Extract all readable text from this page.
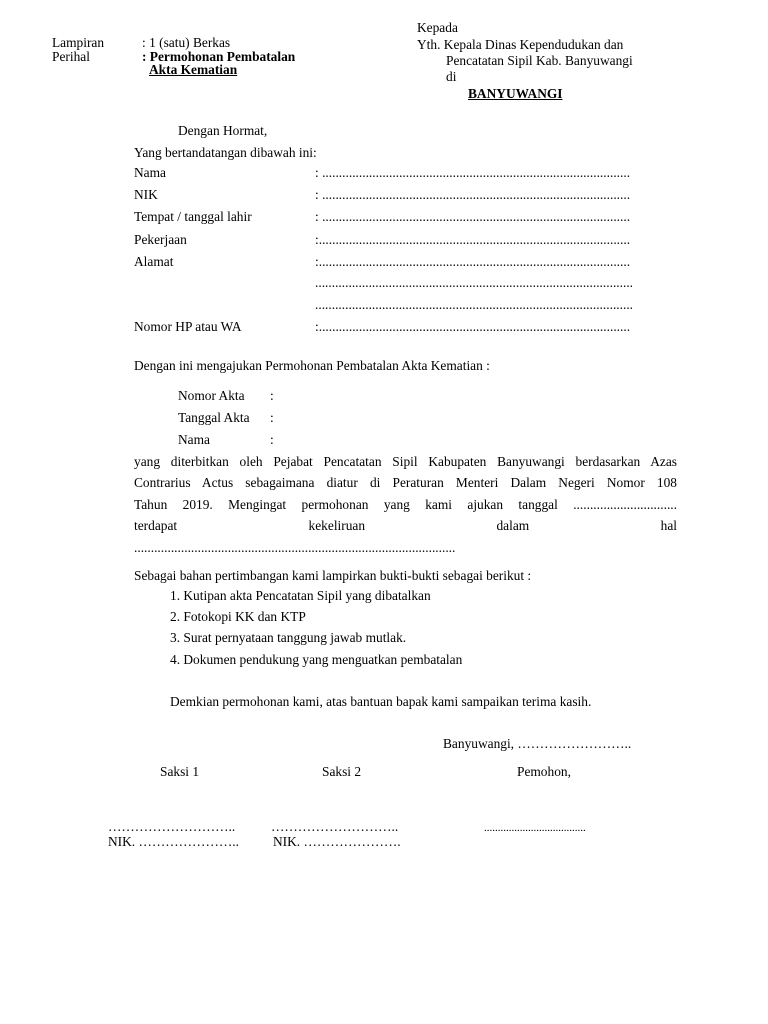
Kepada
Yth. Kepala Dinas Kependudukan dan
Pencatatan Sipil Kab. Banyuwangi
di
BANYUWANGI
Lampiran	: 1 (satu) Berkas
Perihal	: Permohonan Pembatalan
Akta Kematian
Dengan Hormat,
Yang bertandatangan dibawah ini:
Nama	: ............................................................................................
NIK	: ............................................................................................
Tempat / tanggal lahir	: ............................................................................................
Pekerjaan	:.............................................................................................
Alamat	:.............................................................................................
...............................................................................................
...............................................................................................
Nomor HP atau WA	:.............................................................................................
Dengan ini mengajukan Permohonan Pembatalan Akta Kematian :
Nomor Akta :
Tanggal Akta :
Nama	:
yang diterbitkan oleh Pejabat Pencatatan Sipil Kabupaten Banyuwangi berdasarkan Azas
Contrarius Actus sebagaimana diatur di Peraturan Menteri Dalam Negeri Nomor 108
Tahun 2019. Mengingat permohonan yang kami ajukan tanggal ...............................
terdapat kekeliruan dalam hal
................................................................................................
Sebagai bahan pertimbangan kami lampirkan bukti-bukti sebagai berikut :
1. Kutipan akta Pencatatan Sipil yang dibatalkan
2. Fotokopi KK dan KTP
3. Surat pernyataan tanggung jawab mutlak.
4. Dokumen pendukung yang menguatkan pembatalan
Demkian permohonan kami, atas bantuan bapak kami sampaikan terima kasih.
Banyuwangi, ……………………..
Saksi 1	Saksi 2	Pemohon,
………………………..	………………………..	.....................................
NIK. …………………..	NIK. ………………….
